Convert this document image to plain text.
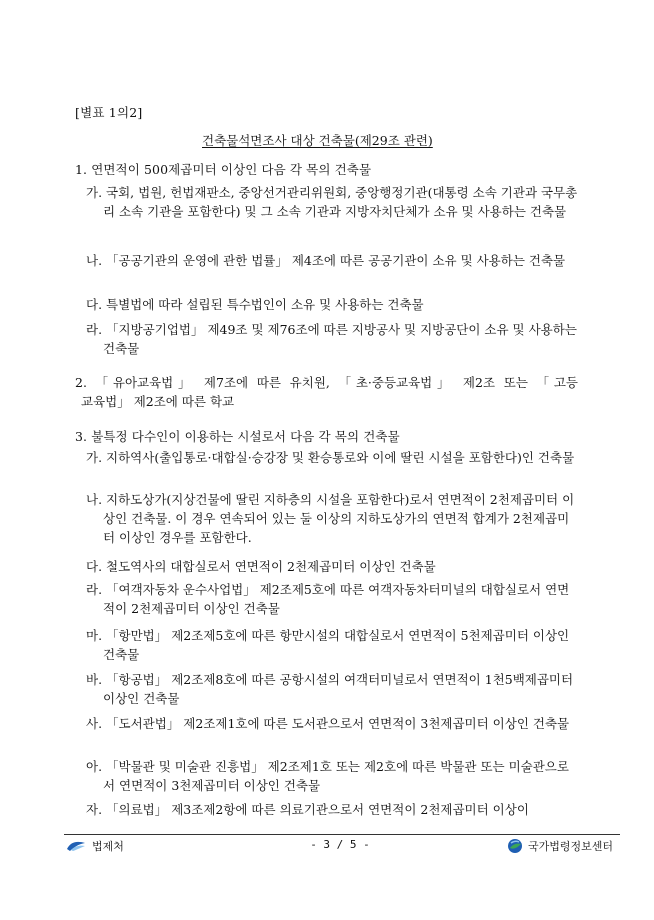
[별표 1의2]
건축물석면조사 대상 건축물(제29조 관련)
1. 연면적이 500제곱미터 이상인 다음 각 목의 건축물
가. 국회, 법원, 헌법재판소, 중앙선거관리위원회, 중앙행정기관(대통령 소속 기관과 국무총리 소속 기관을 포함한다) 및 그 소속 기관과 지방자치단체가 소유 및 사용하는 건축물
나. 「공공기관의 운영에 관한 법률」 제4조에 따른 공공기관이 소유 및 사용하는 건축물
다. 특별법에 따라 설립된 특수법인이 소유 및 사용하는 건축물
라. 「지방공기업법」 제49조 및 제76조에 따른 지방공사 및 지방공단이 소유 및 사용하는 건축물
2. 「유아교육법」 제7조에 따른 유치원, 「초·중등교육법」 제2조 또는 「고등
교육법」 제2조에 따른 학교
3. 불특정 다수인이 이용하는 시설로서 다음 각 목의 건축물
가. 지하역사(출입통로·대합실·승강장 및 환승통로와 이에 딸린 시설을 포함한다)인 건축물
나. 지하도상가(지상건물에 딸린 지하층의 시설을 포함한다)로서 연면적이 2천제곱미터 이상인 건축물. 이 경우 연속되어 있는 둘 이상의 지하도상가의 연면적 합계가 2천제곱미터 이상인 경우를 포함한다.
다. 철도역사의 대합실로서 연면적이 2천제곱미터 이상인 건축물
라. 「여객자동차 운수사업법」 제2조제5호에 따른 여객자동차터미널의 대합실로서 연면적이 2천제곱미터 이상인 건축물
마. 「항만법」 제2조제5호에 따른 항만시설의 대합실로서 연면적이 5천제곱미터 이상인 건축물
바. 「항공법」 제2조제8호에 따른 공항시설의 여객터미널로서 연면적이 1천5백제곱미터 이상인 건축물
사. 「도서관법」 제2조제1호에 따른 도서관으로서 연면적이 3천제곱미터 이상인 건축물
아. 「박물관 및 미술관 진흥법」 제2조제1호 또는 제2호에 따른 박물관 또는 미술관으로서 연면적이 3천제곱미터 이상인 건축물
자. 「의료법」 제3조제2항에 따른 의료기관으로서 연면적이 2천제곱미터 이상이
법제처	- 3 / 5 -	국가법령정보센터
